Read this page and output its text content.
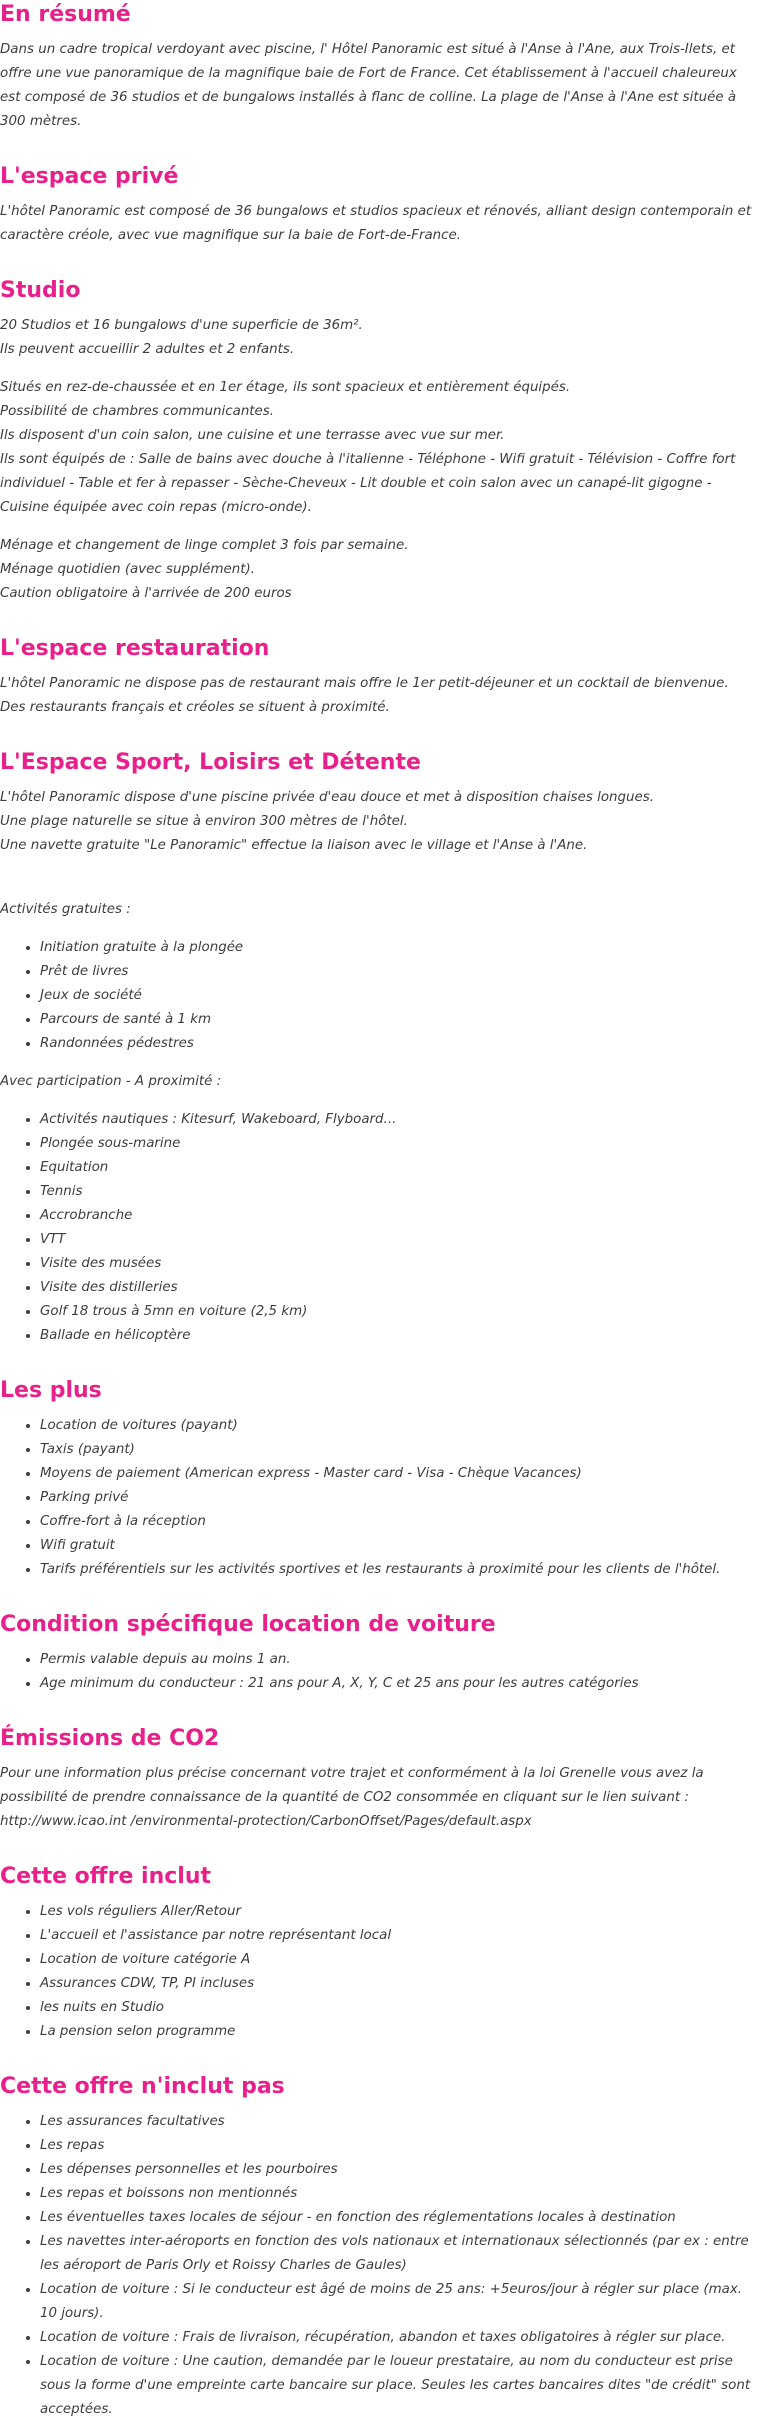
En résumé

Dans un cadre tropical verdoyant avec piscine, l' Hôtel Panoramic est situé à l'Anse à l'Ane, aux Trois-Ilets, et offre une vue panoramique de la magnifique baie de Fort de France. Cet établissement à l'accueil chaleureux est composé de 36 studios et de bungalows installés à flanc de colline. La plage de l'Anse à l'Ane est située à 300 mètres.

L'espace privé

L'hôtel Panoramic est composé de 36 bungalows et studios spacieux et rénovés, alliant design contemporain et caractère créole, avec vue magnifique sur la baie de Fort-de-France.

Studio

20 Studios et 16 bungalows d'une superficie de 36m².

Ils peuvent accueillir 2 adultes et 2 enfants.

Situés en rez-de-chaussée et en 1er étage, ils sont spacieux et entièrement équipés.

Possibilité de chambres communicantes.

Ils disposent d'un coin salon, une cuisine et une terrasse avec vue sur mer.

Ils sont équipés de : Salle de bains avec douche à l'italienne - Téléphone - Wifi gratuit - Télévision - Coffre fort individuel - Table et fer à repasser - Sèche-Cheveux - Lit double et coin salon avec un canapé-lit gigogne - Cuisine équipée avec coin repas (micro-onde).

Ménage et changement de linge complet 3 fois par semaine.

Ménage quotidien (avec supplément).

Caution obligatoire à l'arrivée de 200 euros

L'espace restauration

L'hôtel Panoramic ne dispose pas de restaurant mais offre le 1er petit-déjeuner et un cocktail de bienvenue. Des restaurants français et créoles se situent à proximité.

L'Espace Sport, Loisirs et Détente

L'hôtel Panoramic dispose d'une piscine privée d'eau douce et met à disposition chaises longues.

Une plage naturelle se situe à environ 300 mètres de l'hôtel.

Une navette gratuite "Le Panoramic" effectue la liaison avec le village et l'Anse à l'Ane.

Activités gratuites :

• Initiation gratuite à la plongée
• Prêt de livres
• Jeux de société
• Parcours de santé à 1 km
• Randonnées pédestres

Avec participation - A proximité :

• Activités nautiques : Kitesurf, Wakeboard, Flyboard...
• Plongée sous-marine
• Equitation
• Tennis
• Accrobranche
• VTT
• Visite des musées
• Visite des distilleries
• Golf 18 trous à 5mn en voiture (2,5 km)
• Ballade en hélicoptère
Les plus
• Location de voitures (payant)
• Taxis (payant)
• Moyens de paiement (American express - Master card - Visa - Chèque Vacances)
• Parking privé
• Coffre-fort à la réception
• Wifi gratuit
• Tarifs préférentiels sur les activités sportives et les restaurants à proximité pour les clients de l'hôtel.
Condition spécifique location de voiture
• Permis valable depuis au moins 1 an.
• Age minimum du conducteur : 21 ans pour A, X, Y, C et 25 ans pour les autres catégories
Émissions de CO2

Pour une information plus précise concernant votre trajet et conformément à la loi Grenelle vous avez la possibilité de prendre connaissance de la quantité de CO2 consommée en cliquant sur le lien suivant : http://www.icao.int /environmental-protection/CarbonOffset/Pages/default.aspx

Cette offre inclut
• Les vols réguliers Aller/Retour
• L'accueil et l'assistance par notre représentant local
• Location de voiture catégorie A
• Assurances CDW, TP, PI incluses
• les nuits en Studio
• La pension selon programme
Cette offre n'inclut pas
• Les assurances facultatives
• Les repas
• Les dépenses personnelles et les pourboires
• Les repas et boissons non mentionnés
• Les éventuelles taxes locales de séjour - en fonction des réglementations locales à destination
• Les navettes inter-aéroports en fonction des vols nationaux et internationaux sélectionnés (par ex : entre les aéroport de Paris Orly et Roissy Charles de Gaules)
• Location de voiture : Si le conducteur est âgé de moins de 25 ans: +5euros/jour à régler sur place (max. 10 jours).
• Location de voiture : Frais de livraison, récupération, abandon et taxes obligatoires à régler sur place.
• Location de voiture : Une caution, demandée par le loueur prestataire, au nom du conducteur est prise sous la forme d'une empreinte carte bancaire sur place. Seules les cartes bancaires dites "de crédit" sont acceptées.
